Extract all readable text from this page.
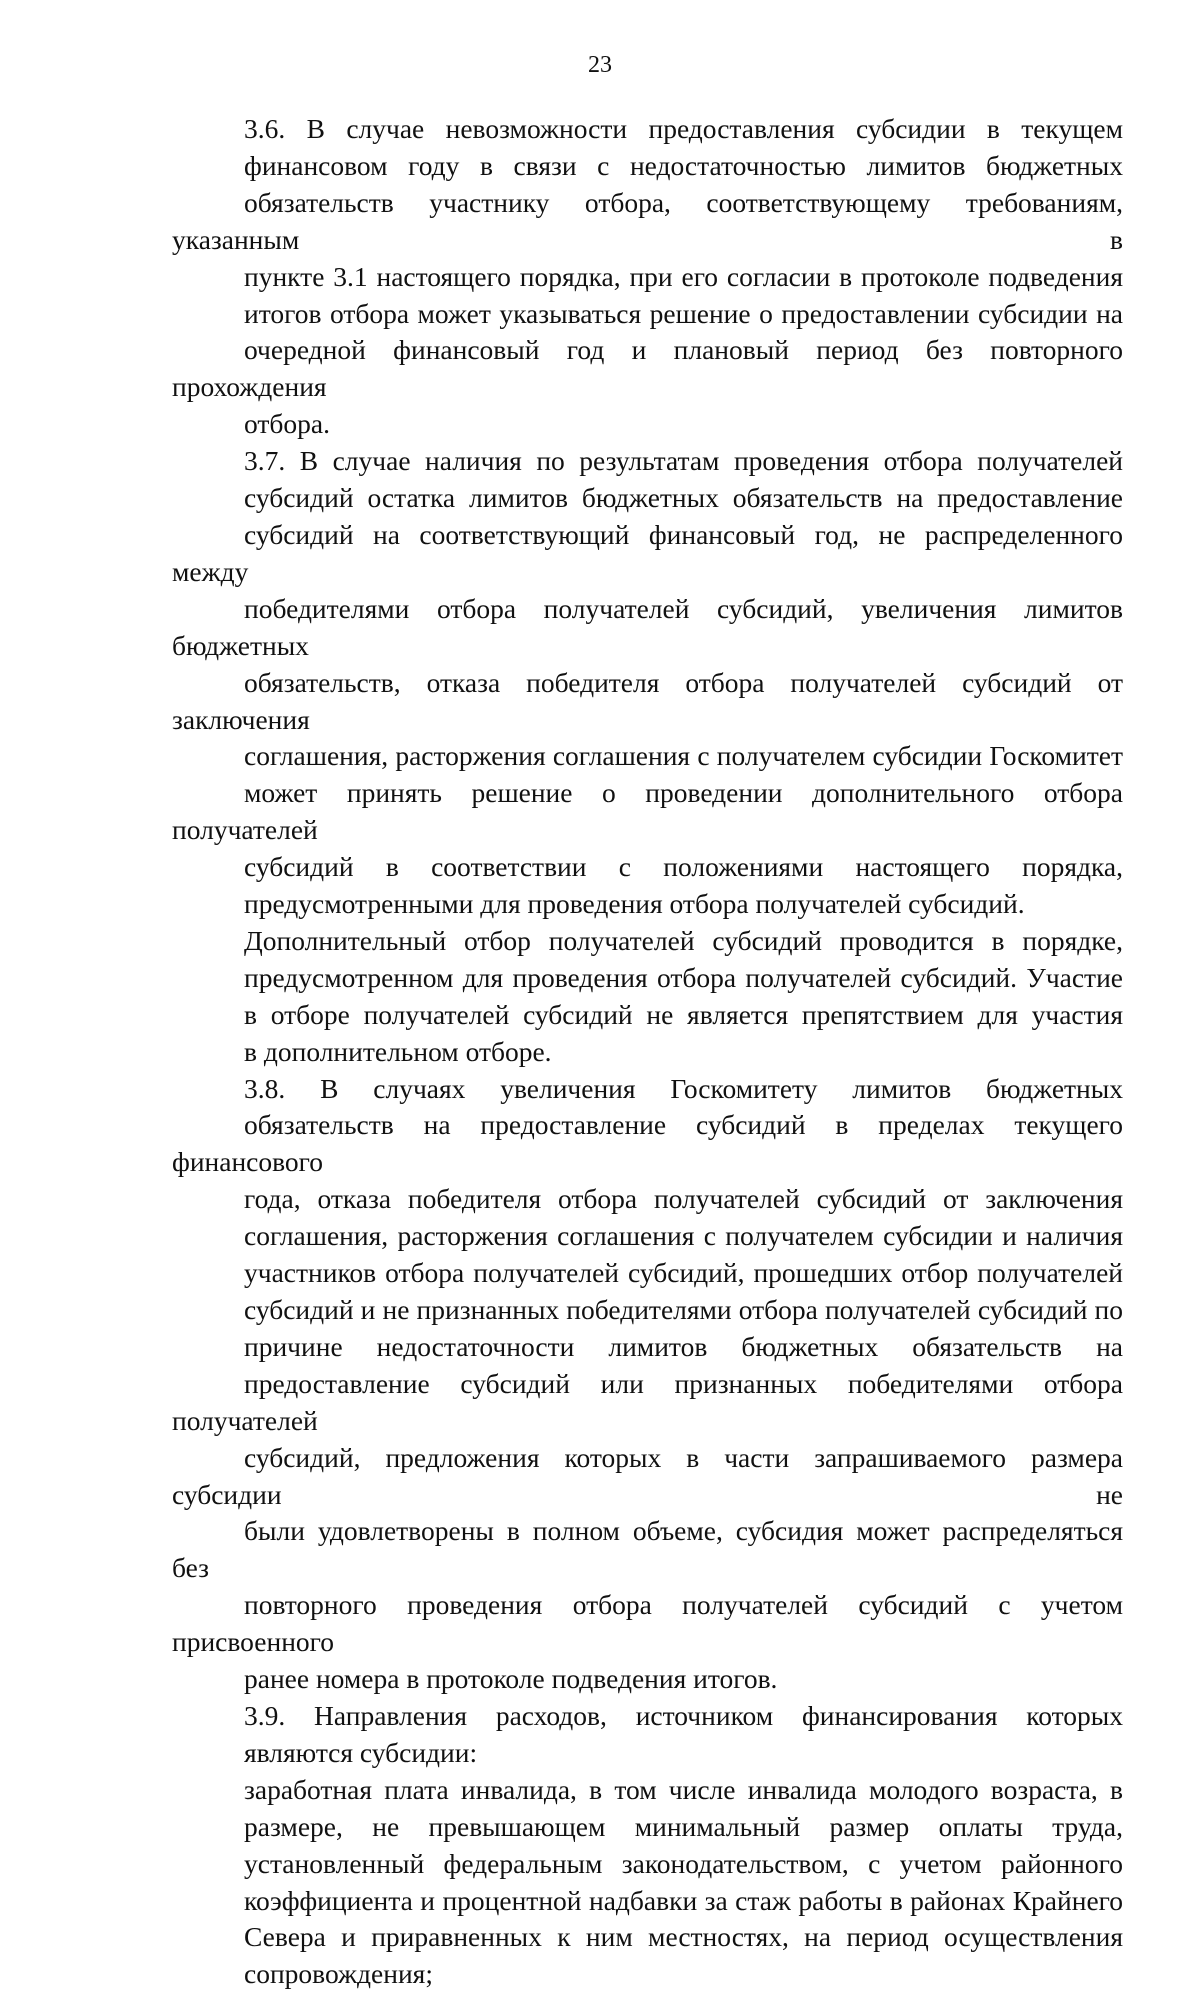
23
3.6. В случае невозможности предоставления субсидии в текущем
финансовом году в связи с недостаточностью лимитов бюджетных
обязательств участнику отбора, соответствующему требованиям, указанным в
пункте 3.1 настоящего порядка, при его согласии в протоколе подведения
итогов отбора может указываться решение о предоставлении субсидии на
очередной финансовый год и плановый период без повторного прохождения
отбора.
3.7. В случае наличия по результатам проведения отбора получателей
субсидий остатка лимитов бюджетных обязательств на предоставление
субсидий на соответствующий финансовый год, не распределенного между
победителями отбора получателей субсидий, увеличения лимитов бюджетных
обязательств, отказа победителя отбора получателей субсидий от заключения
соглашения, расторжения соглашения с получателем субсидии Госкомитет
может принять решение о проведении дополнительного отбора получателей
субсидий в соответствии с положениями настоящего порядка,
предусмотренными для проведения отбора получателей субсидий.
Дополнительный отбор получателей субсидий проводится в порядке,
предусмотренном для проведения отбора получателей субсидий. Участие
в отборе получателей субсидий не является препятствием для участия
в дополнительном отборе.
3.8. В случаях увеличения Госкомитету лимитов бюджетных
обязательств на предоставление субсидий в пределах текущего финансового
года, отказа победителя отбора получателей субсидий от заключения
соглашения, расторжения соглашения с получателем субсидии и наличия
участников отбора получателей субсидий, прошедших отбор получателей
субсидий и не признанных победителями отбора получателей субсидий по
причине недостаточности лимитов бюджетных обязательств на
предоставление субсидий или признанных победителями отбора получателей
субсидий, предложения которых в части запрашиваемого размера субсидии не
были удовлетворены в полном объеме, субсидия может распределяться без
повторного проведения отбора получателей субсидий с учетом присвоенного
ранее номера в протоколе подведения итогов.
3.9. Направления расходов, источником финансирования которых
являются субсидии:
заработная плата инвалида, в том числе инвалида молодого возраста, в
размере, не превышающем минимальный размер оплаты труда,
установленный федеральным законодательством, с учетом районного
коэффициента и процентной надбавки за стаж работы в районах Крайнего
Севера и приравненных к ним местностях, на период осуществления
сопровождения;
